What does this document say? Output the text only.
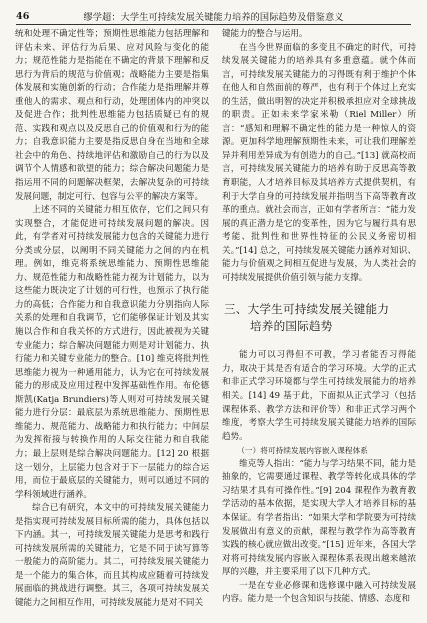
46	缪学超：大学生可持续发展关键能力培养的国际趋势及借鉴意义

统和处理不确定性等；预期性思维能力包括理解和评估未来、评估行为后果、应对风险与变化的能力；规范性能力是指能在不确定的背景下理解和反思行为背后的规范与价值观；战略能力主要是指集体发展和实施创新的行动；合作能力是指理解并尊重他人的需求、观点和行动，处理团体内的冲突以及促进合作；批判性思维能力包括质疑已有的规范、实践和观点以及反思自己的价值观和行为的能力；自我意识能力主要是指反思自身在当地和全球社会中的角色、持续地评估和激励自己的行为以及调节个人情感和欲望的能力；综合解决问题能力是指运用不同的问题解决框架，去解决复杂的可持续发展问题，制定可行、包容与公平的解决方案等。

上述不同的关键能力相互依存，它们之间只有实现整合，才能促进可持续发展问题的解决。因此，有学者对可持续发展能力包含的关键能力进行分类或分层，以阐明不同关键能力之间的内在机理。例如，维克将系统思维能力、预期性思维能力、规范性能力和战略性能力视为计划能力，以为这些能力既决定了计划的可行性，也预示了执行能力的高低；合作能力和自我意识能力分别指向人际关系的处理和自我调节，它们能够保证计划及其实施以合作和自我关怀的方式进行，因此被视为关键专业能力；综合解决问题能力则是对计划能力、执行能力和关键专业能力的整合。[10] 维克将批判性思维能力视为一种通用能力，认为它在可持续发展能力的形成及应用过程中发挥基础性作用。布伦德斯凯(Katja Brundiers)等人则对可持续发展关键能力进行分层：最底层为系统思维能力、预期性思维能力、规范能力、战略能力和执行能力；中间层为发挥衔接与转换作用的人际交往能力和自我能力；最上层则是综合解决问题能力。[12] 20 根据这一划分，上层能力包含对于下一层能力的综合运用，而位于最底层的关键能力，则可以通过不同的学科领域进行涵养。

综合已有研究，本文中的可持续发展关键能力是指实现可持续发展目标所需的能力，具体包括以下内涵。其一，可持续发展关键能力是思考和践行可持续发展所需的关键能力，它是不同于读写算等一般能力的高阶能力。其二，可持续发展关键能力是一个能力的集合体，而且其构成应随着可持续发展面临的挑战进行调整。其三，各项可持续发展关键能力之间相互作用，可持续发展能力是对不同关

键能力的整合与运用。

在当今世界面临的多变且不确定的时代，可持续发展关键能力的培养具有多重意蕴。就个体而言，可持续发展关键能力的习得既有利于维护个体在他人和自然面前的尊严，也有利于个体过上充实的生活，做出明智的决定并积极承担应对全球挑战的职责。正如未来学家米勒（Riel Miller）所言：“感知和理解不确定性的能力是一种惊人的资源。更加科学地理解预期性未来，可让我们理解差异并利用差异成为有创造力的自己。”[13] 就高校而言，可持续发展关键能力的培养有助于反思高等教育职能，人才培养目标及其培养方式提供契机，有利于大学自身的可持续发展并指明当下高等教育改革的重点。就社会而言，正如有学者所言：“能力发展的真正潜力是它的变革性，因为它与履行具有思考能、批判性和世界性特征的公民义务密切相关。”[14] 总之，可持续发展关键能力涵养对知识、能力与价值观之间相互促进与发展，为人类社会的可持续发展提供价值引领与能力支撑。

三、大学生可持续发展关键能力
培养的国际趋势

能力可以习得但不可教，学习者能否习得能力，取决于其是否有适合的学习环境。大学的正式和非正式学习环境都与学生可持续发展能力的培养相关。[14] 49 基于此，下面拟从正式学习（包括课程体系、教学方法和评价等）和非正式学习两个维度，考察大学生可持续发展关键能力培养的国际趋势。

（一）将可持续发展内容嵌入课程体系

维克等人指出：“能力与学习结果不同，能力是抽象的，它需要通过课程、教学等转化成具体的学习结果才具有可操作性。”[9] 204 课程作为教育教学活动的基本依据，是实现大学人才培养目标的基本保证。有学者指出：“如果大学和学院要为可持续发展做出有意义的贡献，课程与教学作为高等教育实践的核心就应做出改变。”[15] 近年来，各国大学对将可持续发展内容嵌入课程体系表现出越来越浓厚的兴趣，并主要采用了以下几种方式。

一是在专业必修课和选修课中融入可持续发展内容。能力是一个包含知识与技能、情感、态度和
